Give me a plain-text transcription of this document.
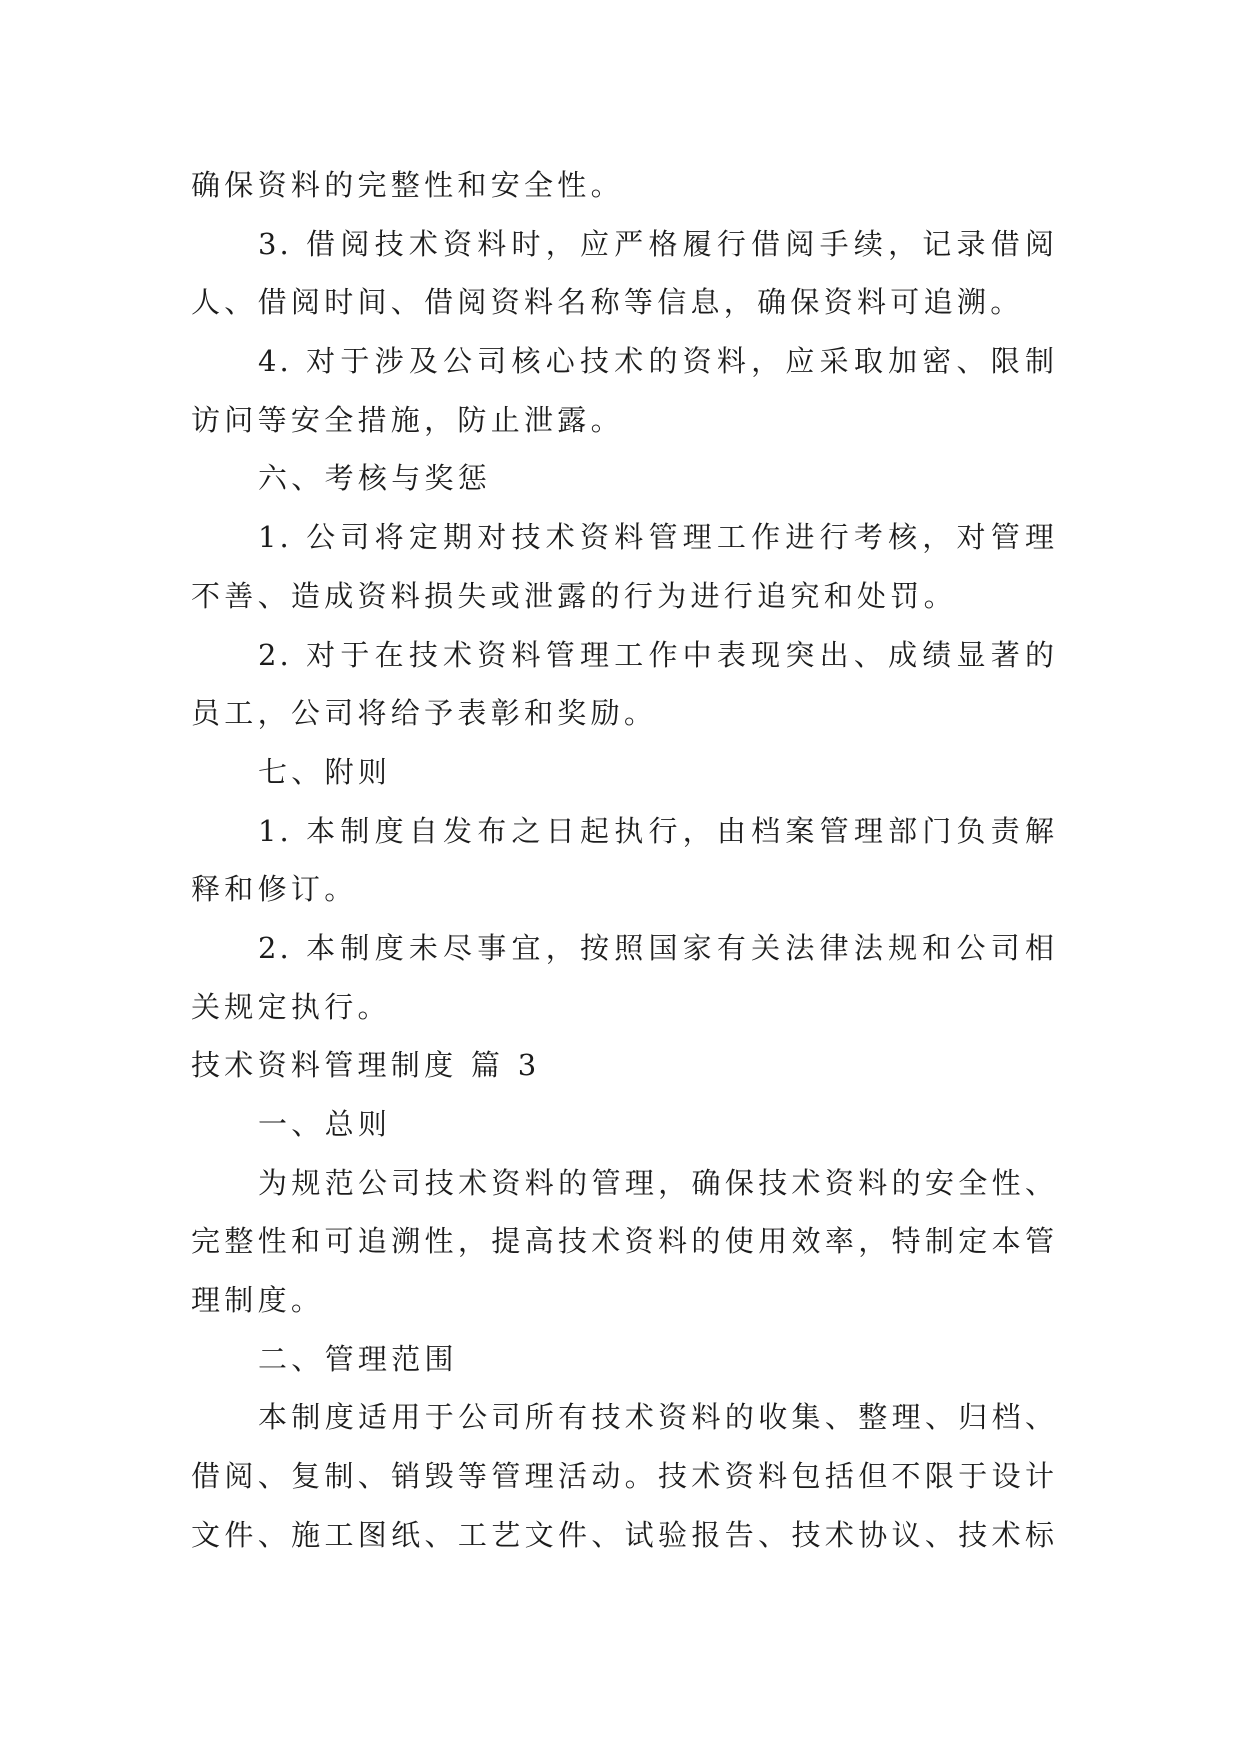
确保资料的完整性和安全性。
3. 借阅技术资料时，应严格履行借阅手续，记录借阅
人、借阅时间、借阅资料名称等信息，确保资料可追溯。
4. 对于涉及公司核心技术的资料，应采取加密、限制
访问等安全措施，防止泄露。
六、考核与奖惩
1. 公司将定期对技术资料管理工作进行考核，对管理
不善、造成资料损失或泄露的行为进行追究和处罚。
2. 对于在技术资料管理工作中表现突出、成绩显著的
员工，公司将给予表彰和奖励。
七、附则
1. 本制度自发布之日起执行，由档案管理部门负责解
释和修订。
2. 本制度未尽事宜，按照国家有关法律法规和公司相
关规定执行。
技术资料管理制度 篇 3
一、总则
为规范公司技术资料的管理，确保技术资料的安全性、
完整性和可追溯性，提高技术资料的使用效率，特制定本管
理制度。
二、管理范围
本制度适用于公司所有技术资料的收集、整理、归档、
借阅、复制、销毁等管理活动。技术资料包括但不限于设计
文件、施工图纸、工艺文件、试验报告、技术协议、技术标
